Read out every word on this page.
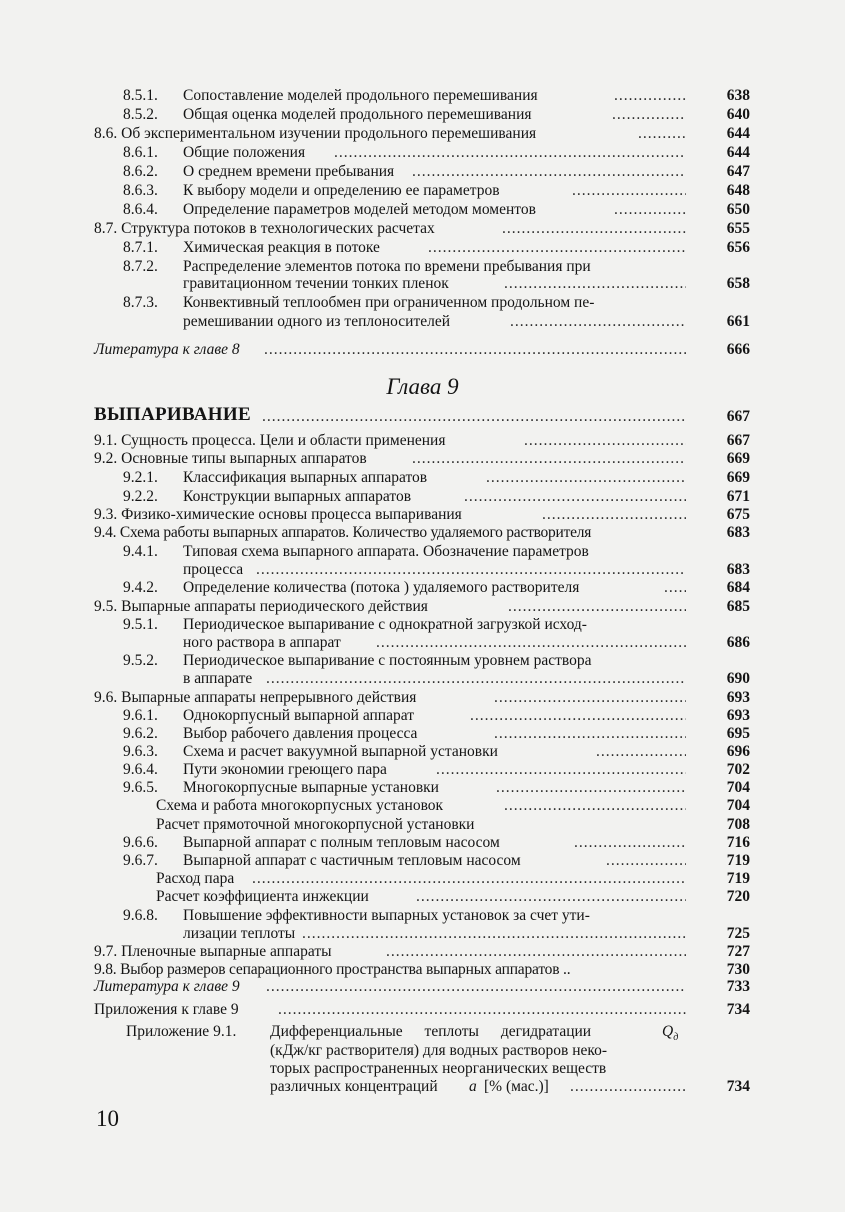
8.5.1. Сопоставление моделей продольного перемешивания .....	638
8.5.2. Общая оценка моделей продольного перемешивания .....	640
8.6. Об экспериментальном изучении продольного перемешивания .....	644
8.6.1. Общие положения .....	644
8.6.2. О среднем времени пребывания .....	647
8.6.3. К выбору модели и определению ее параметров .....	648
8.6.4. Определение параметров моделей методом моментов .....	650
8.7. Структура потоков в технологических расчетах .....	655
8.7.1. Химическая реакция в потоке .....	656
8.7.2. Распределение элементов потока по времени пребывания при
гравитационном течении тонких пленок .....	658
8.7.3. Конвективный теплообмен при ограниченном продольном пе-
ремешивании одного из теплоносителей .....	661
Литература к главе 8 .....	666
Глава 9
ВЫПАРИВАНИЕ .....	667
9.1. Сущность процесса. Цели и области применения .....	667
9.2. Основные типы выпарных аппаратов .....	669
9.2.1. Классификация выпарных аппаратов .....	669
9.2.2. Конструкции выпарных аппаратов .....	671
9.3. Физико-химические основы процесса выпаривания .....	675
9.4. Схема работы выпарных аппаратов. Количество удаляемого растворителя	683
9.4.1. Типовая схема выпарного аппарата. Обозначение параметров
процесса .....	683
9.4.2. Определение количества (потока ) удаляемого растворителя .....	684
9.5. Выпарные аппараты периодического действия .....	685
9.5.1. Периодическое выпаривание с однократной загрузкой исход-
ного раствора в аппарат .....	686
9.5.2. Периодическое выпаривание с постоянным уровнем раствора
в аппарате .....	690
9.6. Выпарные аппараты непрерывного действия .....	693
9.6.1. Однокорпусный выпарной аппарат .....	693
9.6.2. Выбор рабочего давления процесса .....	695
9.6.3. Схема и расчет вакуумной выпарной установки .....	696
9.6.4. Пути экономии греющего пара .....	702
9.6.5. Многокорпусные выпарные установки .....	704
Схема и работа многокорпусных установок .....	704
Расчет прямоточной многокорпусной установки	708
9.6.6. Выпарной аппарат с полным тепловым насосом .....	716
9.6.7. Выпарной аппарат с частичным тепловым насосом .....	719
Расход пара .....	719
Расчет коэффициента инжекции .....	720
9.6.8. Повышение эффективности выпарных установок за счет ути-
лизации теплоты .....	725
9.7. Пленочные выпарные аппараты .....	727
9.8. Выбор размеров сепарационного пространства выпарных аппаратов ..	730
Литература к главе 9 .....	733
Приложения к главе 9 .....	734
Приложение 9.1. Дифференциальные теплоты дегидратации	$Q_д$
(кДж/кг растворителя) для водных растворов неко-
торых распространенных неорганических веществ
различных концентраций а [% (мас.)] .....	734
10
